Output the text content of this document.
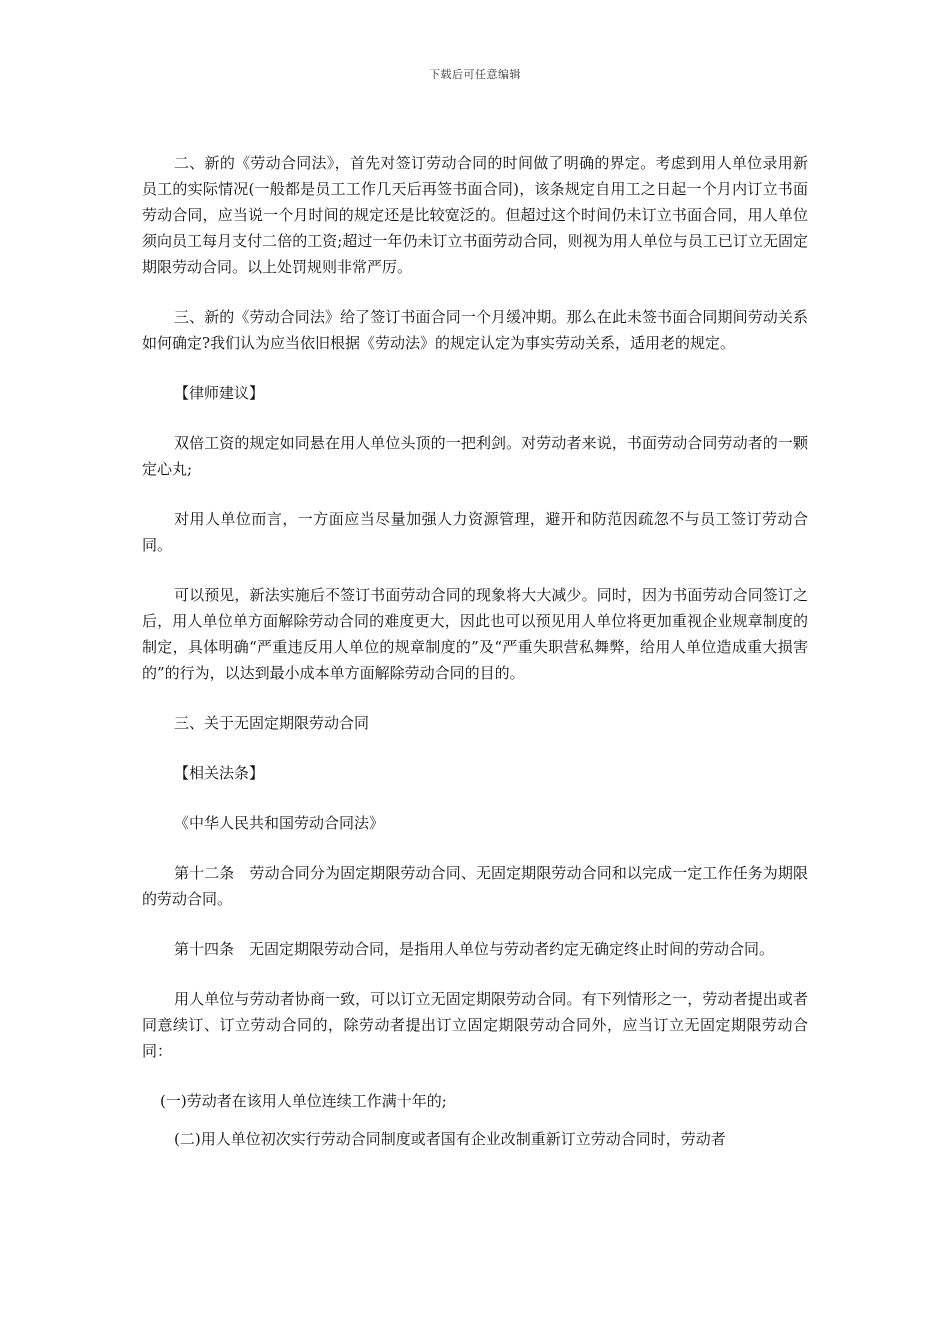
下载后可任意编辑

二、新的《劳动合同法》，首先对签订劳动合同的时间做了明确的界定。考虑到用人单位录用新员工的实际情况(一般都是员工工作几天后再签书面合同)，该条规定自用工之日起一个月内订立书面劳动合同，应当说一个月时间的规定还是比较宽泛的。但超过这个时间仍未订立书面合同，用人单位须向员工每月支付二倍的工资;超过一年仍未订立书面劳动合同，则视为用人单位与员工已订立无固定期限劳动合同。以上处罚规则非常严厉。

三、新的《劳动合同法》给了签订书面合同一个月缓冲期。那么在此未签书面合同期间劳动关系如何确定?我们认为应当依旧根据《劳动法》的规定认定为事实劳动关系，适用老的规定。

【律师建议】

双倍工资的规定如同悬在用人单位头顶的一把利剑。对劳动者来说，书面劳动合同劳动者的一颗定心丸;

对用人单位而言，一方面应当尽量加强人力资源管理，避开和防范因疏忽不与员工签订劳动合同。

可以预见，新法实施后不签订书面劳动合同的现象将大大减少。同时，因为书面劳动合同签订之后，用人单位单方面解除劳动合同的难度更大，因此也可以预见用人单位将更加重视企业规章制度的制定，具体明确“严重违反用人单位的规章制度的”及“严重失职营私舞弊，给用人单位造成重大损害的”的行为，以达到最小成本单方面解除劳动合同的目的。

三、关于无固定期限劳动合同

【相关法条】

《中华人民共和国劳动合同法》

第十二条　劳动合同分为固定期限劳动合同、无固定期限劳动合同和以完成一定工作任务为期限的劳动合同。

第十四条　无固定期限劳动合同，是指用人单位与劳动者约定无确定终止时间的劳动合同。

用人单位与劳动者协商一致，可以订立无固定期限劳动合同。有下列情形之一，劳动者提出或者同意续订、订立劳动合同的，除劳动者提出订立固定期限劳动合同外，应当订立无固定期限劳动合同：

(一)劳动者在该用人单位连续工作满十年的;

(二)用人单位初次实行劳动合同制度或者国有企业改制重新订立劳动合同时，劳动者
